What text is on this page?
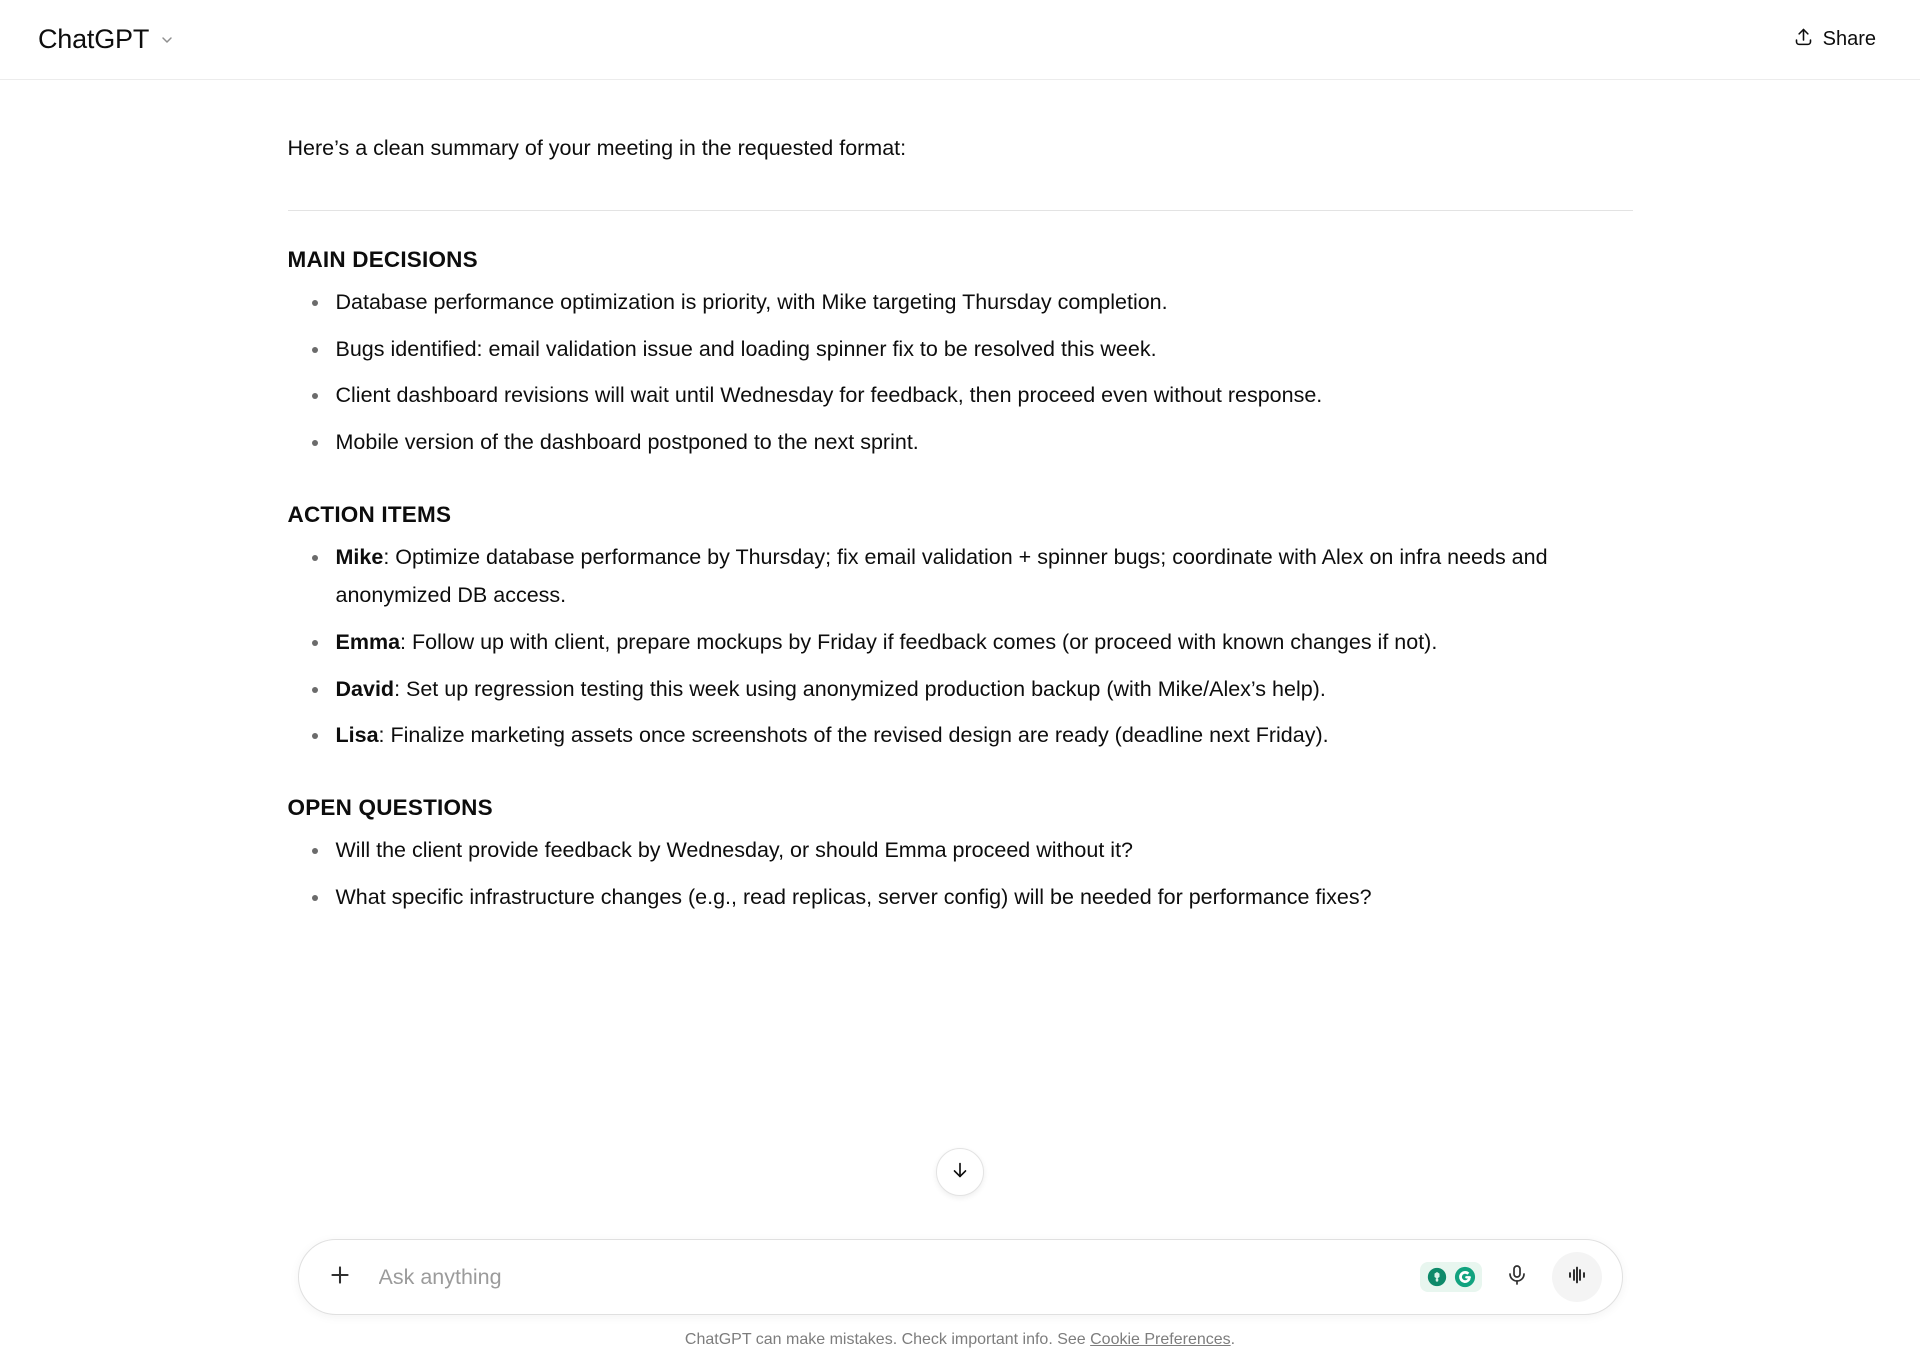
ChatGPT	Share

Here’s a clean summary of your meeting in the requested format:

MAIN DECISIONS
Database performance optimization is priority, with Mike targeting Thursday completion.
Bugs identified: email validation issue and loading spinner fix to be resolved this week.
Client dashboard revisions will wait until Wednesday for feedback, then proceed even without response.
Mobile version of the dashboard postponed to the next sprint.
ACTION ITEMS
Mike: Optimize database performance by Thursday; fix email validation + spinner bugs; coordinate with Alex on infra needs and anonymized DB access.
Emma: Follow up with client, prepare mockups by Friday if feedback comes (or proceed with known changes if not).
David: Set up regression testing this week using anonymized production backup (with Mike/Alex’s help).
Lisa: Finalize marketing assets once screenshots of the revised design are ready (deadline next Friday).
OPEN QUESTIONS
Will the client provide feedback by Wednesday, or should Emma proceed without it?
What specific infrastructure changes (e.g., read replicas, server config) will be needed for performance fixes?
Ask anything
ChatGPT can make mistakes. Check important info. See Cookie Preferences.
